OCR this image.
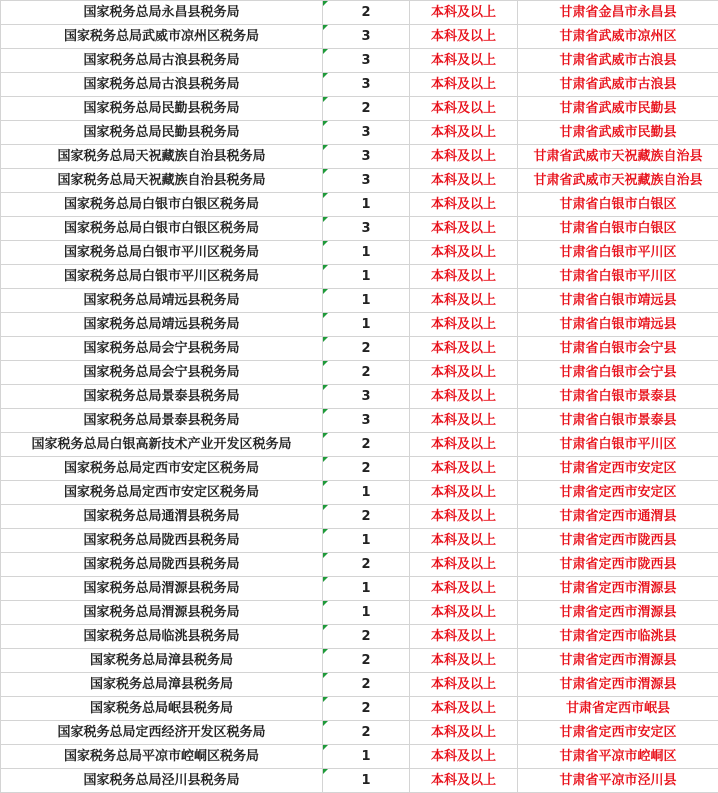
国家税务总局永昌县税务局	2	本科及以上	甘肃省金昌市永昌县
国家税务总局武威市凉州区税务局	3	本科及以上	甘肃省武威市凉州区
国家税务总局古浪县税务局	3	本科及以上	甘肃省武威市古浪县
国家税务总局古浪县税务局	3	本科及以上	甘肃省武威市古浪县
国家税务总局民勤县税务局	2	本科及以上	甘肃省武威市民勤县
国家税务总局民勤县税务局	3	本科及以上	甘肃省武威市民勤县
国家税务总局天祝藏族自治县税务局	3	本科及以上	甘肃省武威市天祝藏族自治县
国家税务总局天祝藏族自治县税务局	3	本科及以上	甘肃省武威市天祝藏族自治县
国家税务总局白银市白银区税务局	1	本科及以上	甘肃省白银市白银区
国家税务总局白银市白银区税务局	3	本科及以上	甘肃省白银市白银区
国家税务总局白银市平川区税务局	1	本科及以上	甘肃省白银市平川区
国家税务总局白银市平川区税务局	1	本科及以上	甘肃省白银市平川区
国家税务总局靖远县税务局	1	本科及以上	甘肃省白银市靖远县
国家税务总局靖远县税务局	1	本科及以上	甘肃省白银市靖远县
国家税务总局会宁县税务局	2	本科及以上	甘肃省白银市会宁县
国家税务总局会宁县税务局	2	本科及以上	甘肃省白银市会宁县
国家税务总局景泰县税务局	3	本科及以上	甘肃省白银市景泰县
国家税务总局景泰县税务局	3	本科及以上	甘肃省白银市景泰县
国家税务总局白银高新技术产业开发区税务局	2	本科及以上	甘肃省白银市平川区
国家税务总局定西市安定区税务局	2	本科及以上	甘肃省定西市安定区
国家税务总局定西市安定区税务局	1	本科及以上	甘肃省定西市安定区
国家税务总局通渭县税务局	2	本科及以上	甘肃省定西市通渭县
国家税务总局陇西县税务局	1	本科及以上	甘肃省定西市陇西县
国家税务总局陇西县税务局	2	本科及以上	甘肃省定西市陇西县
国家税务总局渭源县税务局	1	本科及以上	甘肃省定西市渭源县
国家税务总局渭源县税务局	1	本科及以上	甘肃省定西市渭源县
国家税务总局临洮县税务局	2	本科及以上	甘肃省定西市临洮县
国家税务总局漳县税务局	2	本科及以上	甘肃省定西市渭源县
国家税务总局漳县税务局	2	本科及以上	甘肃省定西市渭源县
国家税务总局岷县税务局	2	本科及以上	甘肃省定西市岷县
国家税务总局定西经济开发区税务局	2	本科及以上	甘肃省定西市安定区
国家税务总局平凉市崆峒区税务局	1	本科及以上	甘肃省平凉市崆峒区
国家税务总局泾川县税务局	1	本科及以上	甘肃省平凉市泾川县
